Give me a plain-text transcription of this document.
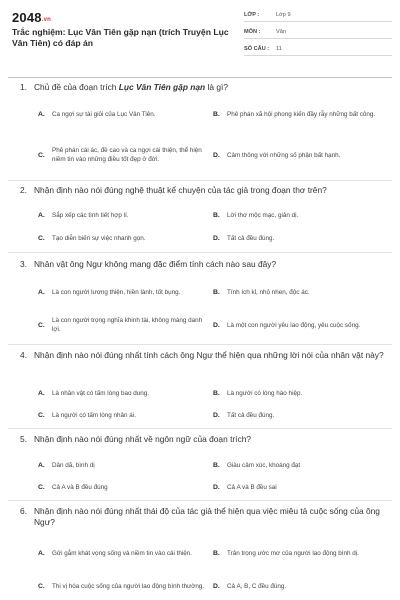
2048.vn
Trắc nghiệm: Lục Vân Tiên gặp nạn (trích Truyện Lục Vân Tiên) có đáp án
LỚP :	Lớp 9
MÔN :	Văn
SỐ CÂU :	11
1. Chủ đề của đoạn trích Lục Vân Tiên gặp nạn là gì?
A.	Ca ngợi sự tài giỏi của Lục Vân Tiên.	B.	Phê phán xã hội phong kiến đầy rẫy những bất công.
C.
Phê phán cái ác, đề cao và ca ngợi cái thiện, thể hiện niềm tin vào những điều tốt đẹp ở đời.
D.	Cảm thông với những số phận bất hạnh.
2. Nhận định nào nói đúng nghệ thuật kể chuyện của tác giả trong đoạn thơ trên?
A.	Sắp xếp các tình tiết hợp lí.	B.	Lời thơ mộc mạc, giản dị.
C.	Tạo diễn biến sự việc nhanh gọn.	D.	Tất cả đều đúng.
3. Nhân vật ông Ngư không mang đặc điểm tính cách nào sau đây?
A.	Là con người lương thiện, hiền lành, tốt bụng.	B.	Tính ích kỉ, nhỏ nhen, độc ác.
C.
Là con người trọng nghĩa khinh tài, không màng danh lợi.
D.	Là một con người yêu lao động, yêu cuộc sống.
4. Nhận định nào nói đúng nhất tính cách ông Ngư thể hiện qua những lời nói của nhân vật này?
A.	Là nhân vật có tấm lòng bao dung.	B.	Là người có lòng hào hiệp.
C.	Là người có tấm lòng nhân ái.	D.	Tất cả đều đúng.
5. Nhận định nào nói đúng nhất về ngôn ngữ của đoạn trích?
A.	Dân dã, bình dị	B.	Giàu cảm xúc, khoáng đạt
C.	Cả A và B đều đúng	D.	Cả A và B đều sai
6. Nhận định nào nói đúng nhất thái độ của tác giả thể hiện qua việc miêu tả cuộc sống của ông Ngư?
A.	Gửi gắm khát vọng sống và niềm tin vào cái thiện.	B.	Trân trọng ước mơ của người lao động bình dị.
C.	Thi vị hóa cuộc sống của người lao động bình thường.	D.	Cả A, B, C đều đúng.
